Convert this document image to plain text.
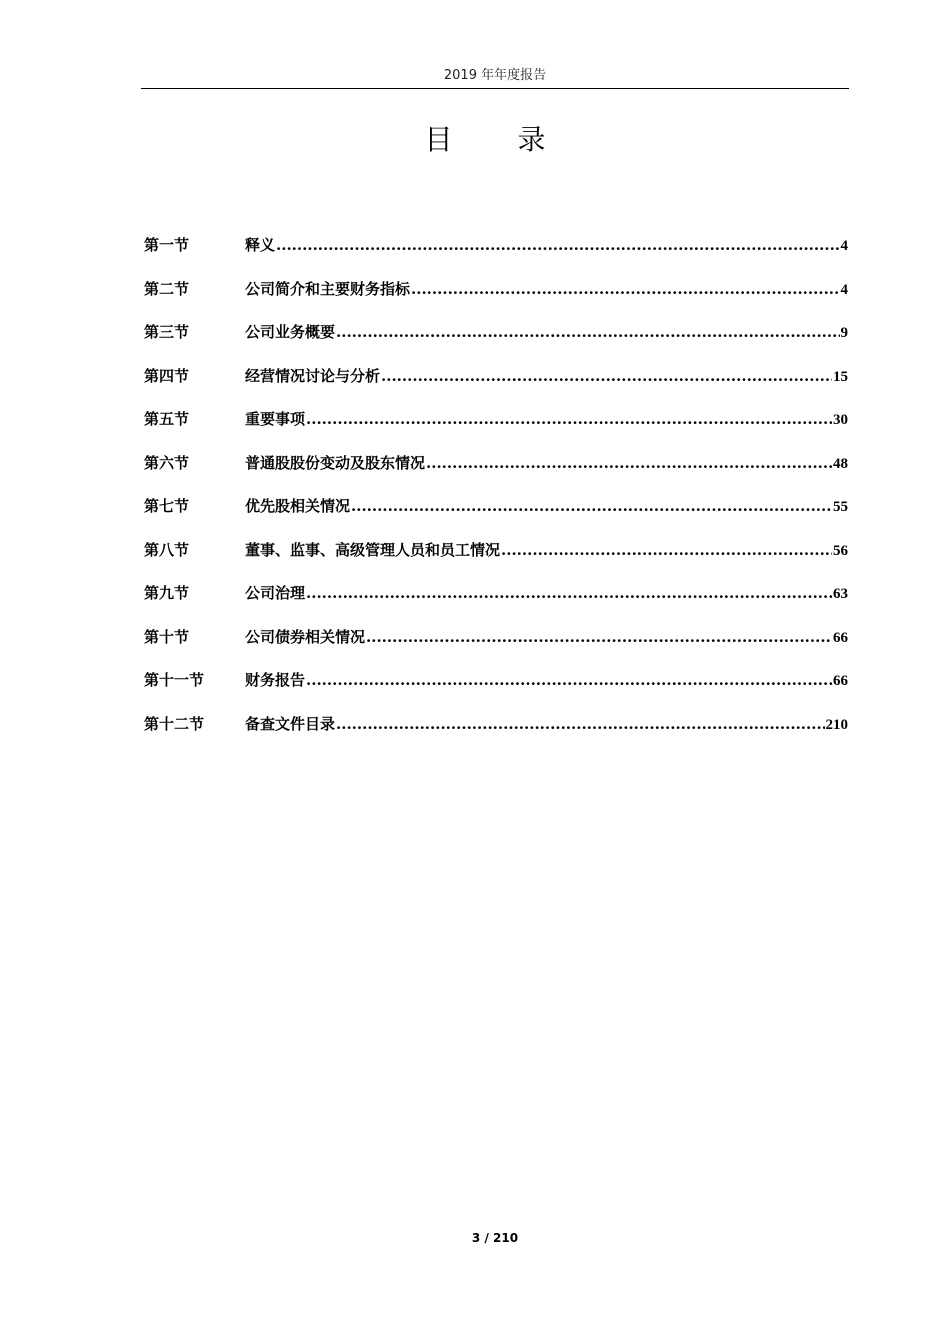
2019 年年度报告
目 录
第一节	释义 .....	4
第二节	公司简介和主要财务指标 .....	4
第三节	公司业务概要 .....	9
第四节	经营情况讨论与分析 .....	15
第五节	重要事项 .....	30
第六节	普通股股份变动及股东情况 .....	48
第七节	优先股相关情况 .....	55
第八节	董事、监事、高级管理人员和员工情况 .....	56
第九节	公司治理 .....	63
第十节	公司债券相关情况 .....	66
第十一节	财务报告 .....	66
第十二节	备查文件目录 .....	210
3 / 210
